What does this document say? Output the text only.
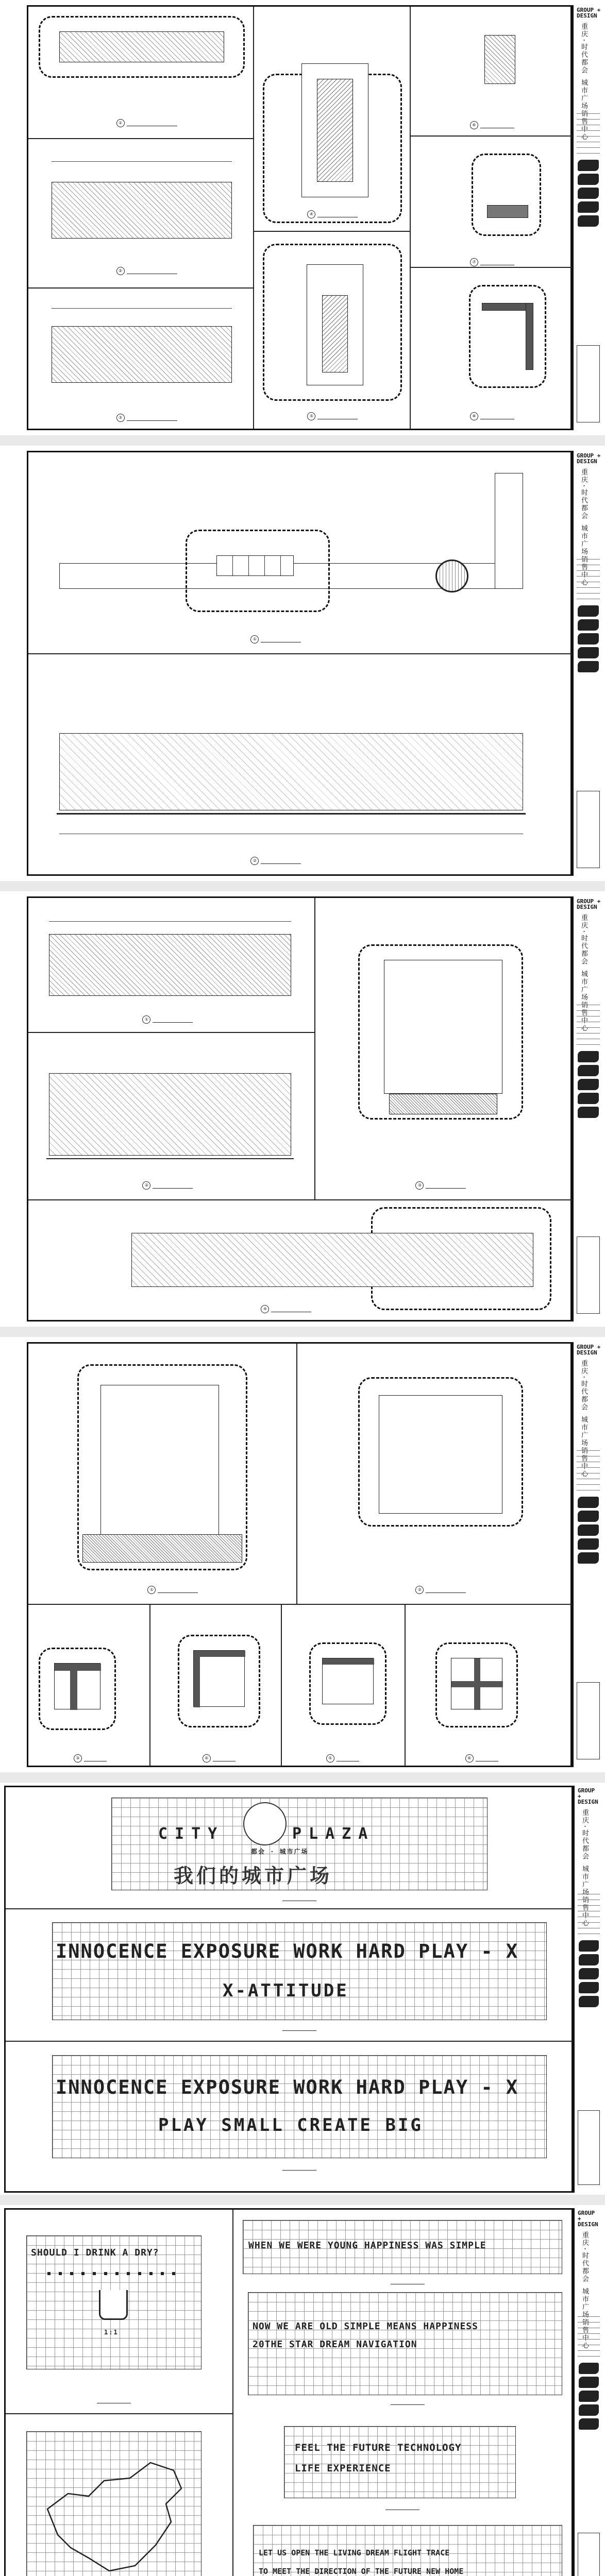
①
②
③
④
⑤
⑥
⑦
⑧
GROUP +
DESIGN
重庆·时代都会 城市广场销售中心
①
②
GROUP +
DESIGN
重庆·时代都会 城市广场销售中心
①
②	③
④
GROUP +
DESIGN
重庆·时代都会 城市广场销售中心
①	②
③	④	⑤	⑥
GROUP +
DESIGN
重庆·时代都会 城市广场销售中心
CITY	PLAZA
都会 · 城市广场
我们的城市广场

INNOCENCE EXPOSURE WORK HARD PLAY - X
X-ATTITUDE

INNOCENCE EXPOSURE WORK HARD PLAY - X
PLAY SMALL CREATE BIG

GROUP +
DESIGN
重庆·时代都会 城市广场销售中心
SHOULD I DRINK A DRY?
1:1

WHEN WE WERE YOUNG HAPPINESS WAS SIMPLE

NOW WE ARE OLD SIMPLE MEANS HAPPINESS
20THE STAR DREAM NAVIGATION

FEEL THE FUTURE TECHNOLOGY
LIFE EXPERIENCE

LET US OPEN THE LIVING DREAM FLIGHT TRACE
TO MEET THE DIRECTION OF THE FUTURE NEW HOME

GROUP +
DESIGN
重庆·时代都会 城市广场销售中心
